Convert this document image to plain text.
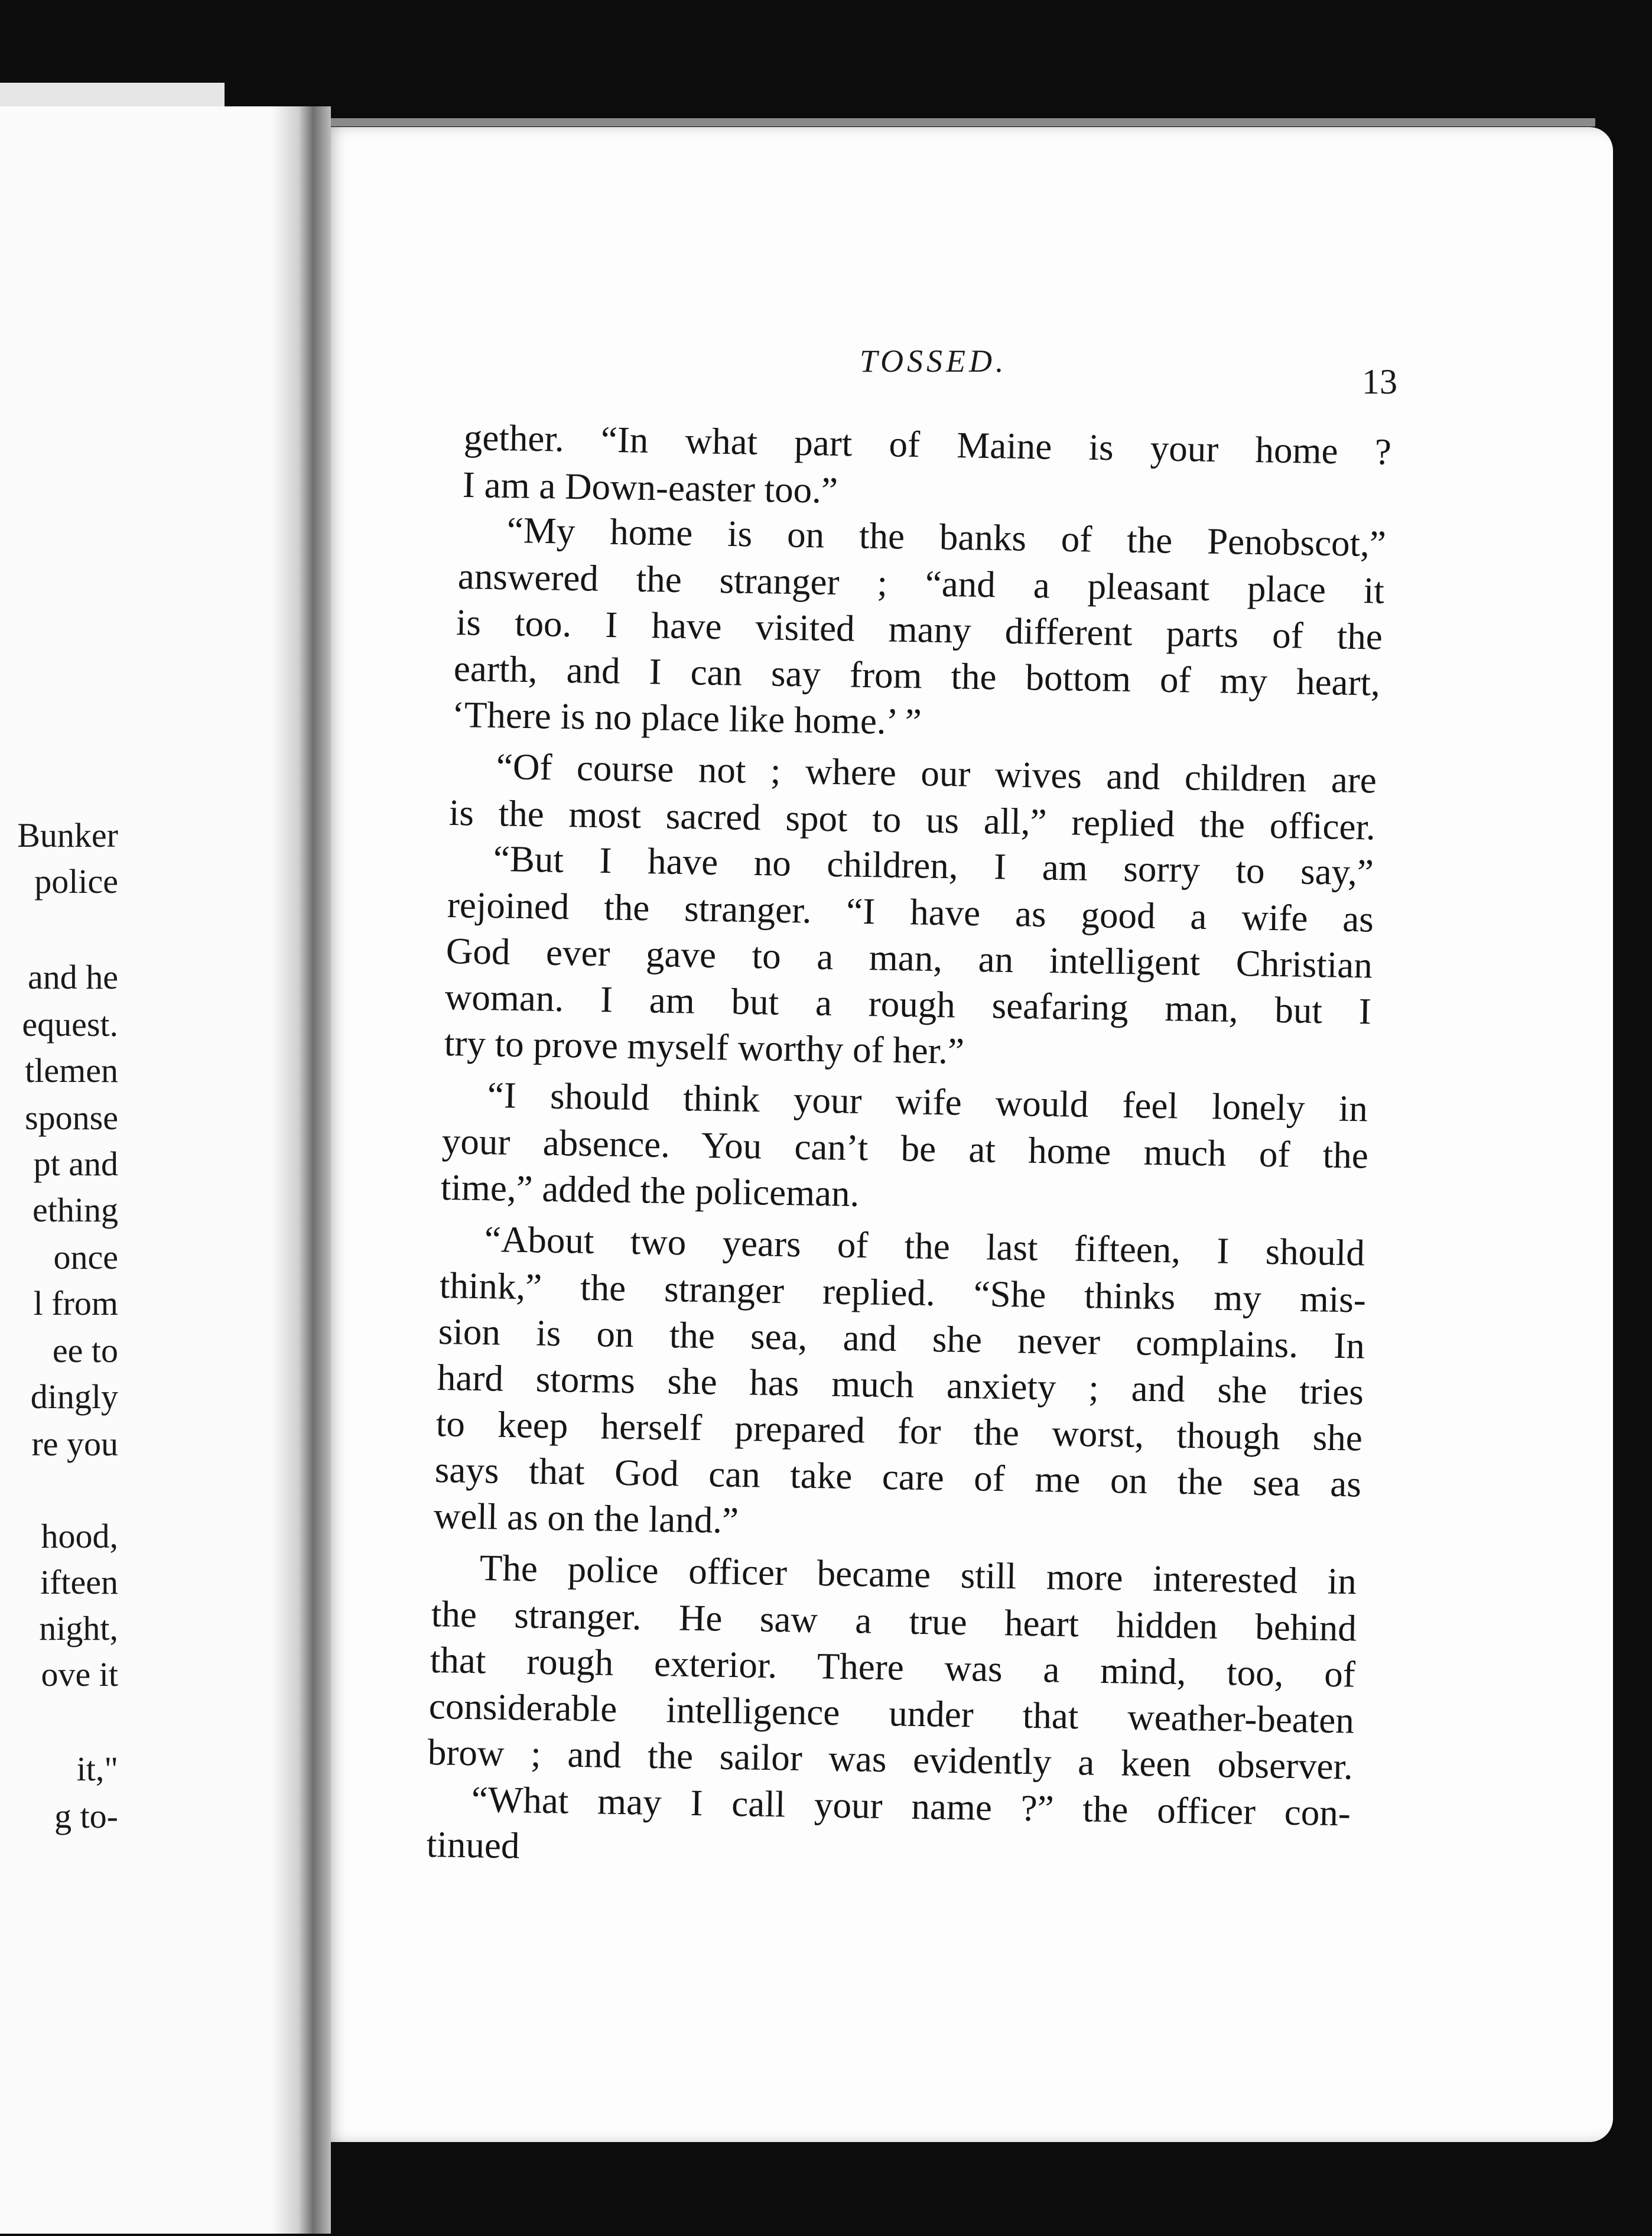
Bunker
police
and he
equest.
tlemen
sponse
pt and
ething
once
l from
ee to
dingly
re you
hood,
ifteen
night,
ove it
it,"
g to-
TOSSED.
13
gether. “In what part of Maine is your home ?
I am a Down-easter too.”
“My home is on the banks of the Penobscot,”
answered the stranger ; “and a pleasant place it
is too. I have visited many different parts of the
earth, and I can say from the bottom of my heart,
‘There is no place like home.’ ”
“Of course not ; where our wives and children are
is the most sacred spot to us all,” replied the officer.
“But I have no children, I am sorry to say,”
rejoined the stranger. “I have as good a wife as
God ever gave to a man, an intelligent Christian
woman. I am but a rough seafaring man, but I
try to prove myself worthy of her.”
“I should think your wife would feel lonely in
your absence. You can’t be at home much of the
time,” added the policeman.
“About two years of the last fifteen, I should
think,” the stranger replied. “She thinks my mis-
sion is on the sea, and she never complains. In
hard storms she has much anxiety ; and she tries
to keep herself prepared for the worst, though she
says that God can take care of me on the sea as
well as on the land.”
The police officer became still more interested in
the stranger. He saw a true heart hidden behind
that rough exterior. There was a mind, too, of
considerable intelligence under that weather-beaten
brow ; and the sailor was evidently a keen observer.
“What may I call your name ?” the officer con-
tinued
